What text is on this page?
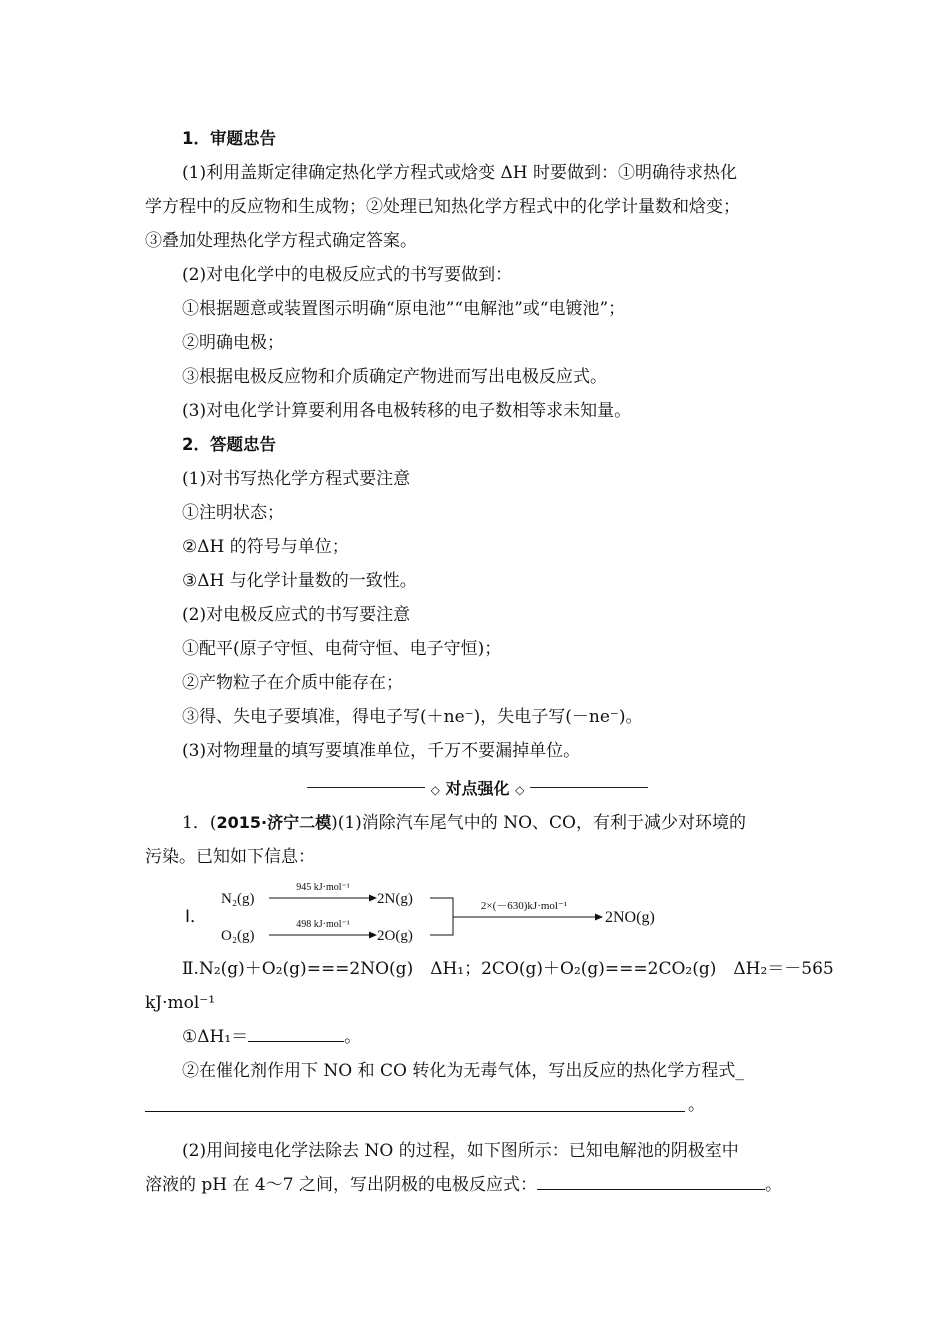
1．审题忠告
(1)利用盖斯定律确定热化学方程式或焓变 ΔH 时要做到：①明确待求热化
学方程中的反应物和生成物；②处理已知热化学方程式中的化学计量数和焓变；
③叠加处理热化学方程式确定答案。
(2)对电化学中的电极反应式的书写要做到：
①根据题意或装置图示明确“原电池”“电解池”或“电镀池”；
②明确电极；
③根据电极反应物和介质确定产物进而写出电极反应式。
(3)对电化学计算要利用各电极转移的电子数相等求未知量。
2．答题忠告
(1)对书写热化学方程式要注意
①注明状态；
②ΔH 的符号与单位；
③ΔH 与化学计量数的一致性。
(2)对电极反应式的书写要注意
①配平(原子守恒、电荷守恒、电子守恒)；
②产物粒子在介质中能存在；
③得、失电子要填准，得电子写(＋ne⁻)，失电子写(－ne⁻)。
(3)对物理量的填写要填准单位，千万不要漏掉单位。
◇ 对点强化 ◇
1．(2015·济宁二模)(1)消除汽车尾气中的 NO、CO，有利于减少对环境的
污染。已知如下信息：
Ⅰ．
N₂(g)
945 kJ·mol⁻¹
2N(g)
O₂(g)
498 kJ·mol⁻¹
2O(g)
2×(－630)kJ·mol⁻¹
2NO(g)
Ⅱ.N₂(g)＋O₂(g)===2NO(g)　ΔH₁；2CO(g)＋O₂(g)===2CO₂(g)　ΔH₂＝－565
kJ·mol⁻¹
①ΔH₁＝	。
②在催化剂作用下 NO 和 CO 转化为无毒气体，写出反应的热化学方程式_
。
(2)用间接电化学法除去 NO 的过程，如下图所示：已知电解池的阴极室中
溶液的 pH 在 4～7 之间，写出阴极的电极反应式：	。
